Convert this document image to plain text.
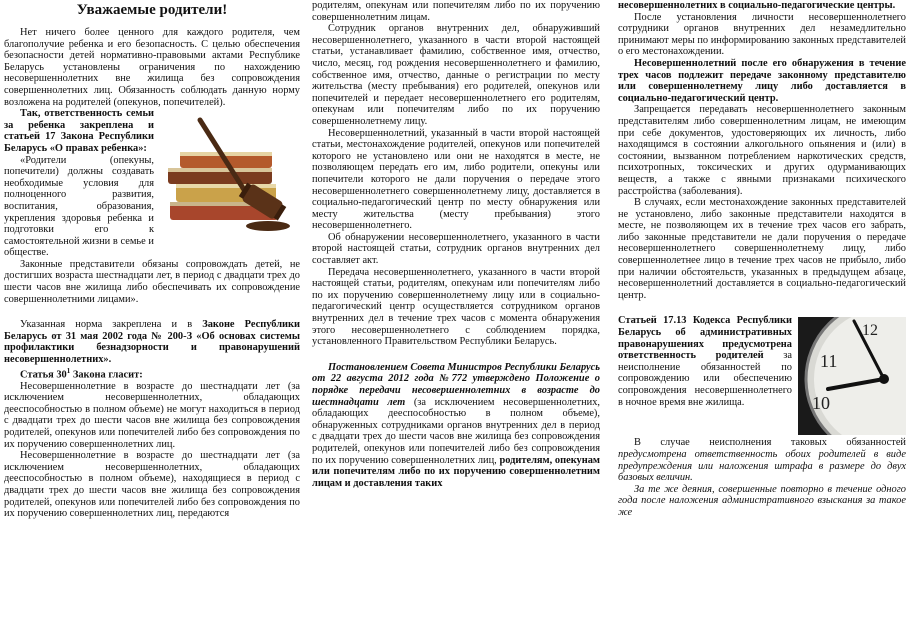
Уважаемые родители!

Нет ничего более ценного для каждого родителя, чем благополучие ребенка и его безопасность. С целью обеспечения безопасности детей нормативно-правовыми актами Республике Беларусь установлены ограничения по нахождению несовершеннолетних вне жилища без сопровождения совершеннолетних лиц. Обязанность соблюдать данную норму возложена на родителей (опекунов, попечителей).

Так, ответственность семьи за ребенка закреплена и статьей 17 Закона Республики Беларусь «О правах ребенка»:

«Родители (опекуны, попечители) должны создавать необходимые условия для полноценного развития, воспитания, образования, укрепления здоровья ребенка и подготовки его к самостоятельной жизни в семье и обществе.

Законные представители обязаны сопровождать детей, не достигших возраста шестнадцати лет, в период с двадцати трех до шести часов вне жилища либо обеспечивать их сопровождение совершеннолетними лицами».

Указанная норма закреплена и в Законе Республики Беларусь от 31 мая 2002 года № 200-З «Об основах системы профилактики безнадзорности и правонарушений несовершеннолетних».

Статья $30^1$ Закона гласит:

Несовершеннолетние в возрасте до шестнадцати лет (за исключением несовершеннолетних, обладающих дееспособностью в полном объеме) не могут находиться в период с двадцати трех до шести часов вне жилища без сопровождения родителей, опекунов или попечителей либо без сопровождения по их поручению совершеннолетних лиц.

Несовершеннолетние в возрасте до шестнадцати лет (за исключением несовершеннолетних, обладающих дееспособностью в полном объеме), находящиеся в период с двадцати трех до шести часов вне жилища без сопровождения родителей, опекунов или попечителей либо без сопровождения по их поручению совершеннолетних лиц, передаются

родителям, опекунам или попечителям либо по их поручению совершеннолетним лицам.

Сотрудник органов внутренних дел, обнаруживший несовершеннолетнего, указанного в части второй настоящей статьи, устанавливает фамилию, собственное имя, отчество, число, месяц, год рождения несовершеннолетнего и фамилию, собственное имя, отчество, данные о регистрации по месту жительства (месту пребывания) его родителей, опекунов или попечителей и передает несовершеннолетнего его родителям, опекунам или попечителям либо по их поручению совершеннолетнему лицу.

Несовершеннолетний, указанный в части второй настоящей статьи, местонахождение родителей, опекунов или попечителей которого не установлено или они не находятся в месте, не позволяющем передать его им, либо родители, опекуны или попечители которого не дали поручения о передаче этого несовершеннолетнего совершеннолетнему лицу, доставляется в социально-педагогический центр по месту обнаружения или месту жительства (месту пребывания) этого несовершеннолетнего.

Об обнаружении несовершеннолетнего, указанного в части второй настоящей статьи, сотрудник органов внутренних дел составляет акт.

Передача несовершеннолетнего, указанного в части второй настоящей статьи, родителям, опекунам или попечителям либо по их поручению совершеннолетнему лицу или в социально-педагогический центр осуществляется сотрудником органов внутренних дел в течение трех часов с момента обнаружения этого несовершеннолетнего с соблюдением порядка, установленного Правительством Республики Беларусь.

Постановлением Совета Министров Республики Беларусь от 22 августа 2012 года №772 утверждено Положение о порядке передачи несовершеннолетних в возрасте до шестнадцати лет (за исключением несовершеннолетних, обладающих дееспособностью в полном объеме), обнаруженных сотрудниками органов внутренних дел в период с двадцати трех до шести часов вне жилища без сопровождения родителей, опекунов или попечителей либо без сопровождения по их поручению совершеннолетних лиц, родителям, опекунам или попечителям либо по их поручению совершеннолетним лицам и доставления таких

несовершеннолетних в социально-педагогические центры.

После установления личности несовершеннолетнего сотрудники органов внутренних дел незамедлительно принимают меры по информированию законных представителей о его местонахождении.

Несовершеннолетний после его обнаружения в течение трех часов подлежит передаче законному представителю или совершеннолетнему лицу либо доставляется в социально-педагогический центр.

Запрещается передавать несовершеннолетнего законным представителям либо совершеннолетним лицам, не имеющим при себе документов, удостоверяющих их личность, либо находящимся в состоянии алкогольного опьянения и (или) в состоянии, вызванном потреблением наркотических средств, психотропных, токсических и других одурманивающих веществ, а также с явными признаками психического расстройства (заболевания).

В случаях, если местонахождение законных представителей не установлено, либо законные представители находятся в месте, не позволяющем их в течение трех часов его забрать, либо законные представители не дали поручения о передаче несовершеннолетнего совершеннолетнему лицу, либо совершеннолетнее лицо в течение трех часов не прибыло, либо при наличии обстоятельств, указанных в предыдущем абзаце, несовершеннолетний доставляется в социально-педагогический центр.

11
12
10

Статьей 17.13 Кодекса Республики Беларусь об административных правонарушениях предусмотрена ответственность родителей за неисполнение обязанностей по сопровождению или обеспечению сопровождения несовершеннолетнего в ночное время вне жилища.

В случае неисполнения таковых обязанностей предусмотрена ответственность обоих родителей в виде предупреждения или наложения штрафа в размере до двух базовых величин.

За те же деяния, совершенные повторно в течение одного года после наложения административного взыскания за такое же
